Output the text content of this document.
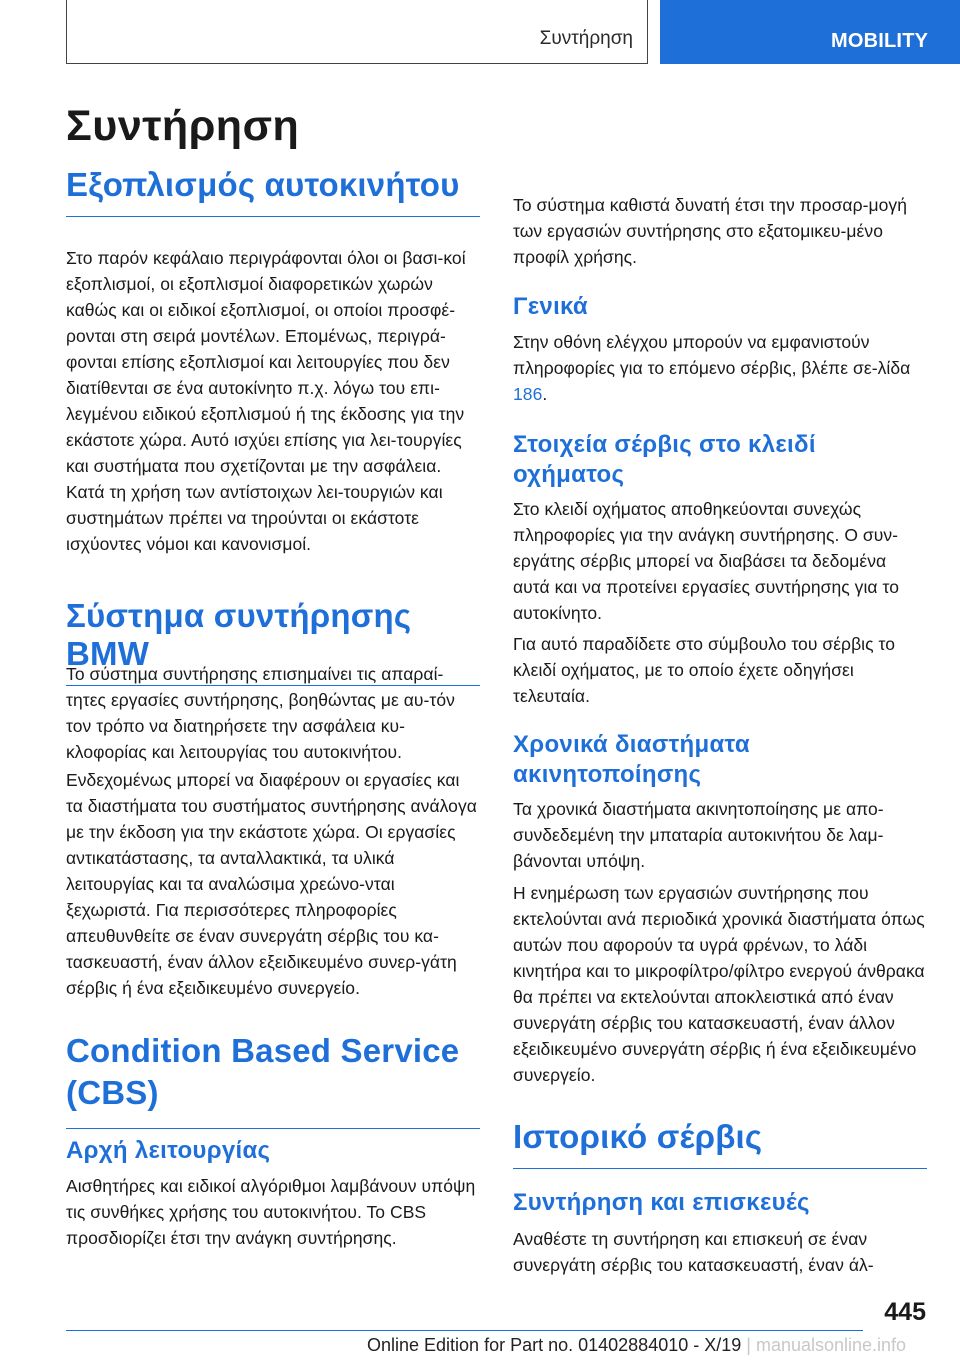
Συντήρηση	MOBILITY
Συντήρηση
Εξοπλισμός αυτοκινήτου

Στο παρόν κεφάλαιο περιγράφονται όλοι οι βασι-κοί εξοπλισμοί, οι εξοπλισμοί διαφορετικών χωρών καθώς και οι ειδικοί εξοπλισμοί, οι οποίοι προσφέ-ρονται στη σειρά μοντέλων. Επομένως, περιγρά-φονται επίσης εξοπλισμοί και λειτουργίες που δεν διατίθενται σε ένα αυτοκίνητο π.χ. λόγω του επι-λεγμένου ειδικού εξοπλισμού ή της έκδοσης για την εκάστοτε χώρα. Αυτό ισχύει επίσης για λει-τουργίες και συστήματα που σχετίζονται με την ασφάλεια. Κατά τη χρήση των αντίστοιχων λει-τουργιών και συστημάτων πρέπει να τηρούνται οι εκάστοτε ισχύοντες νόμοι και κανονισμοί.

Σύστημα συντήρησης BMW

Το σύστημα συντήρησης επισημαίνει τις απαραί-τητες εργασίες συντήρησης, βοηθώντας με αυ-τόν τον τρόπο να διατηρήσετε την ασφάλεια κυ-κλοφορίας και λειτουργίας του αυτοκινήτου.

Ενδεχομένως μπορεί να διαφέρουν οι εργασίες και τα διαστήματα του συστήματος συντήρησης ανάλογα με την έκδοση για την εκάστοτε χώρα. Οι εργασίες αντικατάστασης, τα ανταλλακτικά, τα υλικά λειτουργίας και τα αναλώσιμα χρεώνο-νται ξεχωριστά. Για περισσότερες πληροφορίες απευθυνθείτε σε έναν συνεργάτη σέρβις του κα-τασκευαστή, έναν άλλον εξειδικευμένο συνερ-γάτη σέρβις ή ένα εξειδικευμένο συνεργείο.

Condition Based Service (CBS)
Αρχή λειτουργίας

Αισθητήρες και ειδικοί αλγόριθμοι λαμβάνουν υπόψη τις συνθήκες χρήσης του αυτοκινήτου. Το CBS προσδιορίζει έτσι την ανάγκη συντήρησης.

Το σύστημα καθιστά δυνατή έτσι την προσαρ-μογή των εργασιών συντήρησης στο εξατομικευ-μένο προφίλ χρήσης.

Γενικά

Στην οθόνη ελέγχου μπορούν να εμφανιστούν πληροφορίες για το επόμενο σέρβις, βλέπε σε-λίδα 186.

Στοιχεία σέρβις στο κλειδί οχήματος

Στο κλειδί οχήματος αποθηκεύονται συνεχώς πληροφορίες για την ανάγκη συντήρησης. Ο συν-εργάτης σέρβις μπορεί να διαβάσει τα δεδομένα αυτά και να προτείνει εργασίες συντήρησης για το αυτοκίνητο.

Για αυτό παραδίδετε στο σύμβουλο του σέρβις το κλειδί οχήματος, με το οποίο έχετε οδηγήσει τελευταία.

Χρονικά διαστήματα ακινητοποίησης

Τα χρονικά διαστήματα ακινητοποίησης με απο-συνδεδεμένη την μπαταρία αυτοκινήτου δε λαμ-βάνονται υπόψη.

Η ενημέρωση των εργασιών συντήρησης που εκτελούνται ανά περιοδικά χρονικά διαστήματα όπως αυτών που αφορούν τα υγρά φρένων, το λάδι κινητήρα και το μικροφίλτρο/φίλτρο ενεργού άνθρακα θα πρέπει να εκτελούνται αποκλειστικά από έναν συνεργάτη σέρβις του κατασκευαστή, έναν άλλον εξειδικευμένο συνεργάτη σέρβις ή ένα εξειδικευμένο συνεργείο.

Ιστορικό σέρβις
Συντήρηση και επισκευές

Αναθέστε τη συντήρηση και επισκευή σε έναν συνεργάτη σέρβις του κατασκευαστή, έναν άλ-

445
Online Edition for Part no. 01402884010 - X/19 | manualsonline.info
